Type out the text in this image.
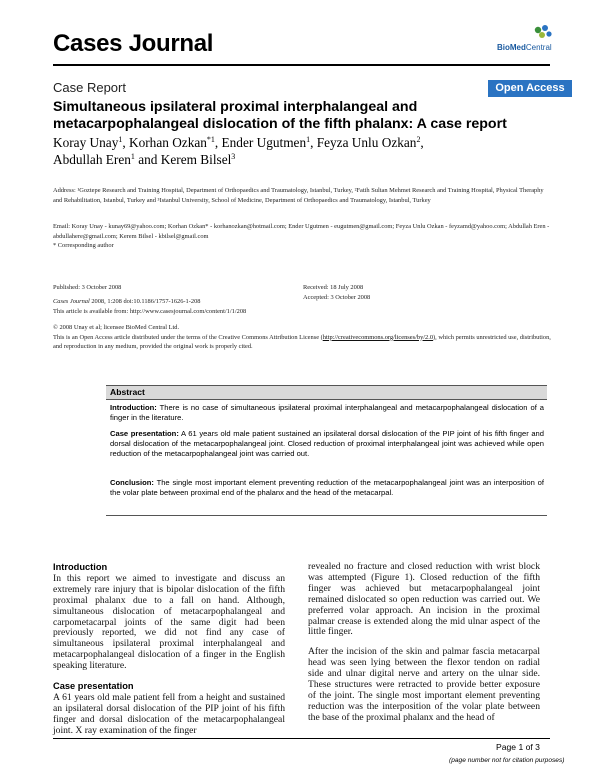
Cases Journal	BioMedCentral
Case Report	Open Access
Simultaneous ipsilateral proximal interphalangeal and metacarpophalangeal dislocation of the fifth phalanx: A case report
Koray Unay$^1$, Korhan Ozkan$^{*1}$, Ender Ugutmen$^1$, Feyza Unlu Ozkan$^2$,
Abdullah Eren$^1$ and Kerem Bilsel$^3$
Address: ¹Goztepe Research and Training Hospital, Department of Orthopaedics and Traumatology, Istanbul, Turkey, ²Fatih Sultan Mehmet Research and Training Hospital, Physical Theraphy and Rehabilitation, Istanbul, Turkey and ³Istanbul University, School of Medicine, Department of Orthopaedics and Traumatology, Istanbul, Turkey
Email: Koray Unay - kunay69@yahoo.com; Korhan Ozkan* - korhanozkan@hotmail.com; Ender Ugutmen - eugutmen@gmail.com; Feyza Unlu Ozkan - feyzamd@yahoo.com; Abdullah Eren - abdullahere@gmail.com; Kerem Bilsel - kbilsel@gmail.com
* Corresponding author
Published: 3 October 2008	Received: 18 July 2008
Accepted: 3 October 2008
Cases Journal 2008, 1:208 doi:10.1186/1757-1626-1-208
This article is available from: http://www.casesjournal.com/content/1/1/208
© 2008 Unay et al; licensee BioMed Central Ltd.
This is an Open Access article distributed under the terms of the Creative Commons Attribution License (http://creativecommons.org/licenses/by/2.0), which permits unrestricted use, distribution, and reproduction in any medium, provided the original work is properly cited.
Abstract
Introduction: There is no case of simultaneous ipsilateral proximal interphalangeal and metacarpophalangeal dislocation of a finger in the literature.
Case presentation: A 61 years old male patient sustained an ipsilateral dorsal dislocation of the PIP joint of his fifth finger and dorsal dislocation of the metacarpophalangeal joint. Closed reduction of proximal interphalangeal joint was achieved while open reduction of the metacarpophalangeal joint was carried out.
Conclusion: The single most important element preventing reduction of the metacarpophalangeal joint was an interposition of the volar plate between proximal end of the phalanx and the head of the metacarpal.
Introduction
In this report we aimed to investigate and discuss an extremely rare injury that is bipolar dislocation of the fifth proximal phalanx due to a fall on hand. Although, simultaneous dislocation of metacarpophalangeal and carpometacarpal joints of the same digit had been previously reported, we did not find any case of simultaneous ipsilateral proximal interphalangeal and metacarpophalangeal dislocation of a finger in the English speaking literature.
Case presentation
A 61 years old male patient fell from a height and sustained an ipsilateral dorsal dislocation of the PIP joint of his fifth finger and dorsal dislocation of the metacarpophalangeal joint. X ray examination of the finger
revealed no fracture and closed reduction with wrist block was attempted (Figure 1). Closed reduction of the fifth finger was achieved but metacarpophalangeal joint remained dislocated so open reduction was carried out. We preferred volar approach. An incision in the proximal palmar crease is extended along the mid ulnar aspect of the little finger.
After the incision of the skin and palmar fascia metacarpal head was seen lying between the flexor tendon on radial side and ulnar digital nerve and artery on the ulnar side. These structures were retracted to provide better exposure of the joint. The single most important element preventing reduction was the interposition of the volar plate between the base of the proximal phalanx and the head of
Page 1 of 3
(page number not for citation purposes)
